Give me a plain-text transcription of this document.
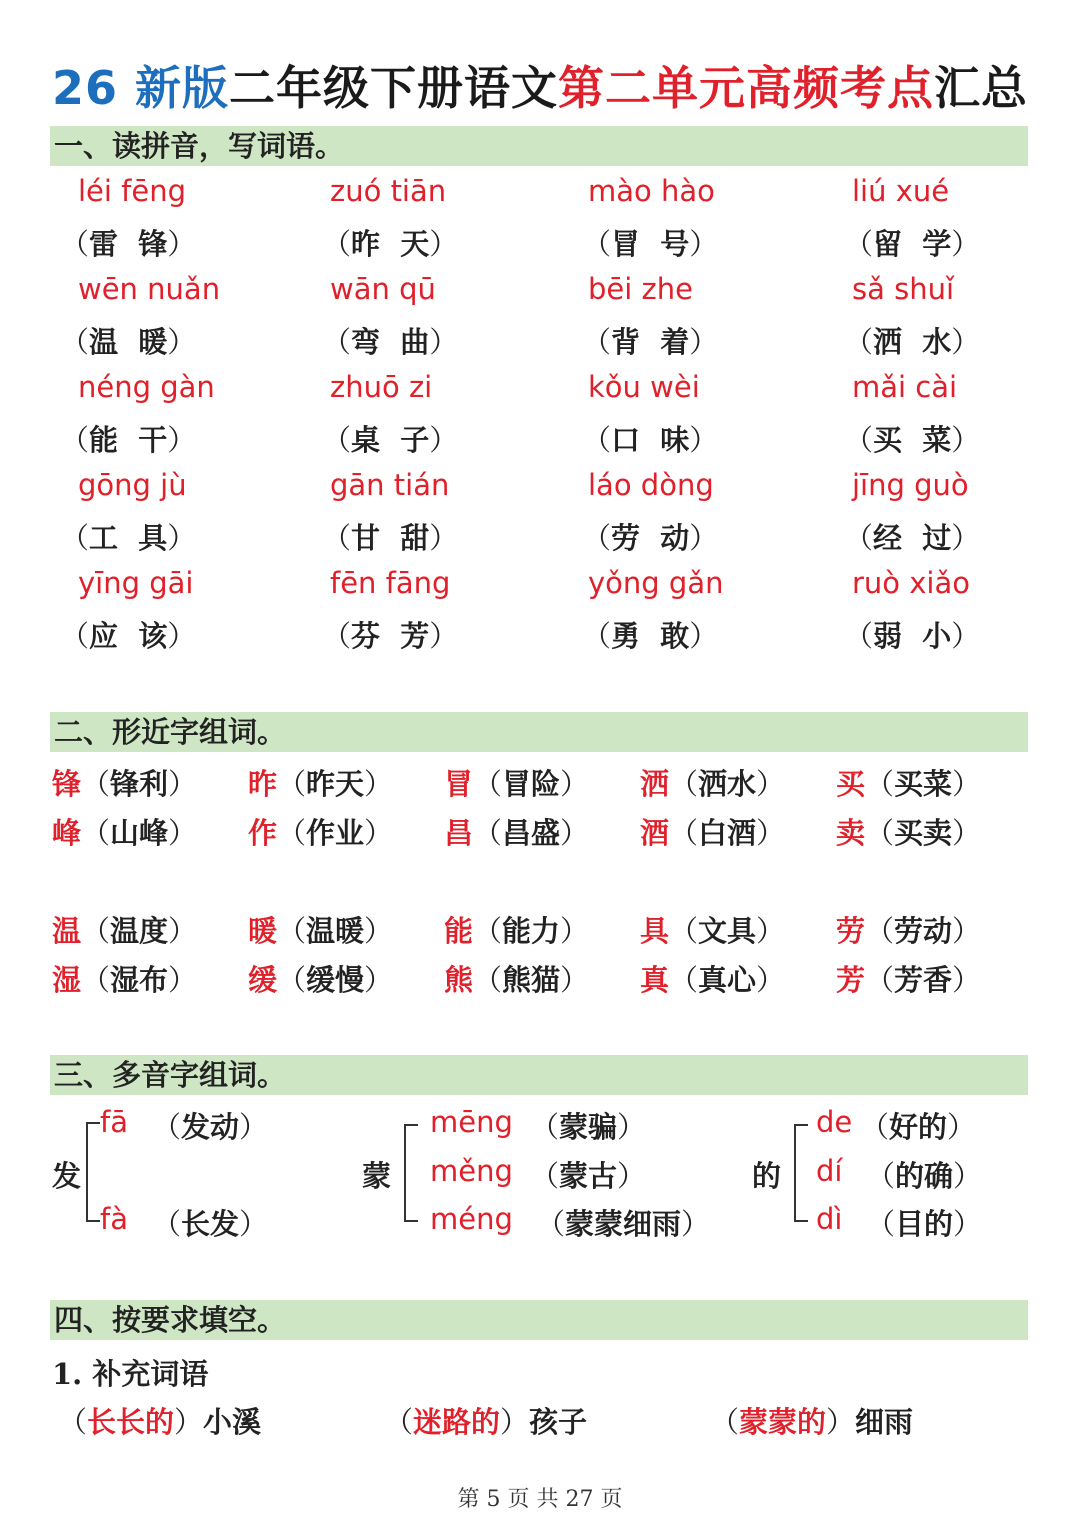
26 新版二年级下册语文第二单元高频考点汇总
一、读拼音，写词语。
léi fēng
（雷 锋）
zuó tiān
（昨 天）
mào hào
（冒 号）
liú xué
（留 学）
wēn nuǎn
（温 暖）
wān qū
（弯 曲）
bēi zhe
（背 着）
sǎ shuǐ
（洒 水）
néng gàn
（能 干）
zhuō zi
（桌 子）
kǒu wèi
（口 味）
mǎi cài
（买 菜）
gōng jù
（工 具）
gān tián
（甘 甜）
láo dòng
（劳 动）
jīng guò
（经 过）
yīng gāi
（应 该）
fēn fāng
（芬 芳）
yǒng gǎn
（勇 敢）
ruò xiǎo
（弱 小）
二、形近字组词。
锋（锋利） 昨（昨天） 冒（冒险） 洒（洒水） 买（买菜）
峰（山峰） 作（作业） 昌（昌盛） 酒（白酒） 卖（买卖）
温（温度） 暖（温暖） 能（能力） 具（文具） 劳（劳动）
湿（湿布） 缓（缓慢） 熊（熊猫） 真（真心） 芳（芳香）
三、多音字组词。
发
fā （发动）
fà （长发）
蒙
mēng （蒙骗）
měng （蒙古）
méng （蒙蒙细雨）
的
de （好的）
dí （的确）
dì （目的）
四、按要求填空。
1. 补充词语
（长长的）小溪	（迷路的）孩子	（蒙蒙的）细雨
第 5 页 共 27 页
